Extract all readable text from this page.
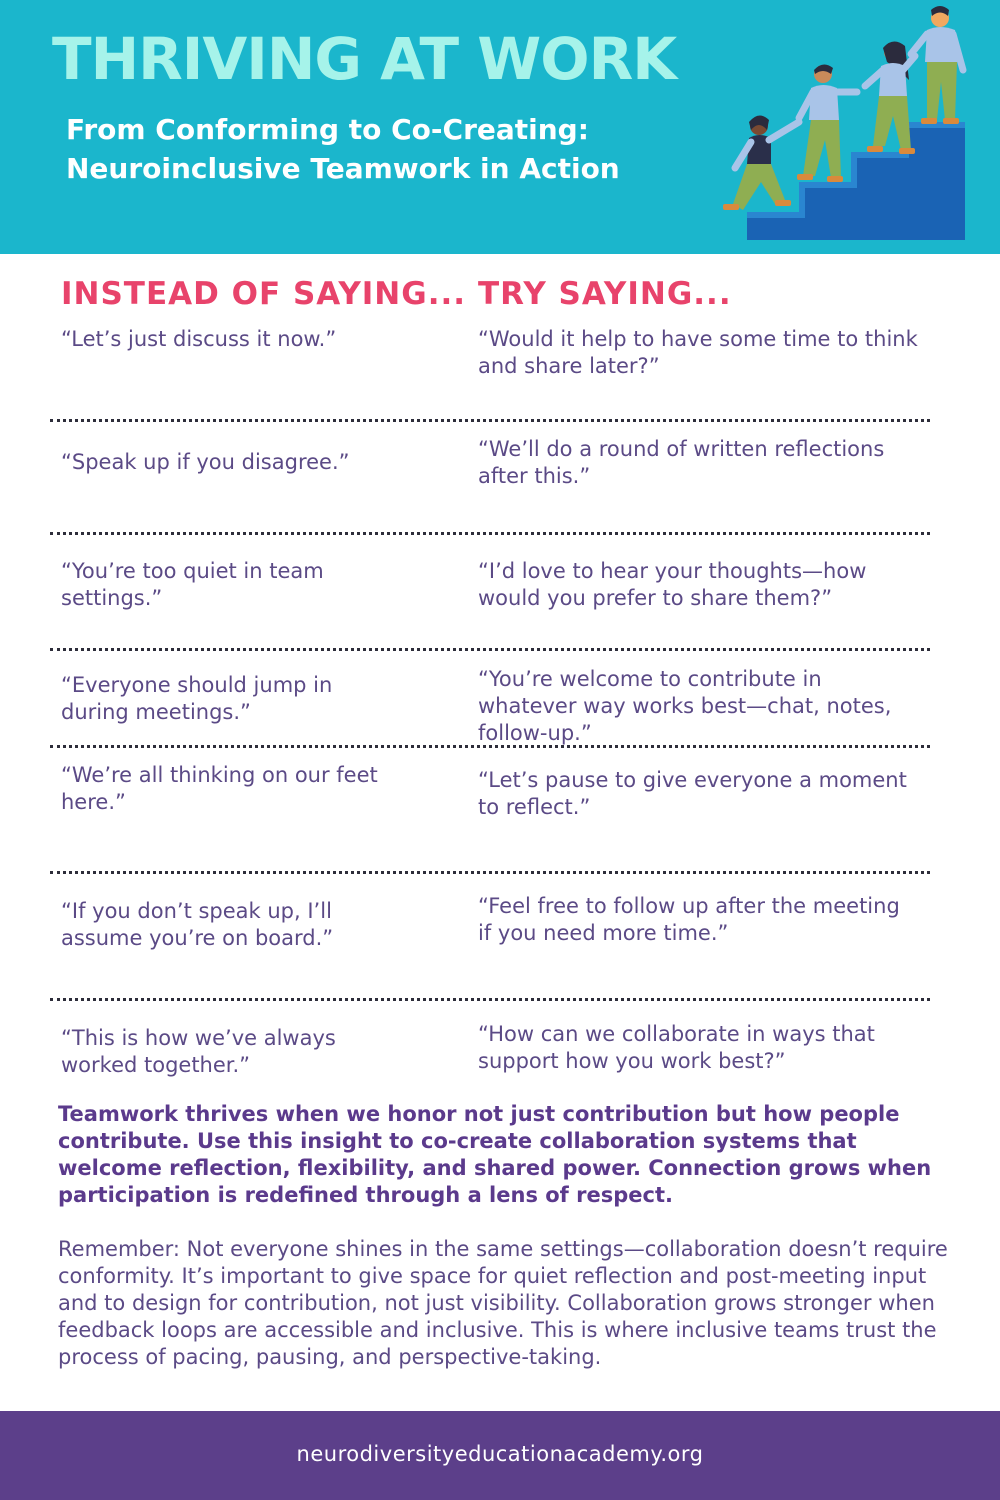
THRIVING AT WORK
From Conforming to Co-Creating:
Neuroinclusive Teamwork in Action
INSTEAD OF SAYING... TRY SAYING...

“Let’s just discuss it now.”	“Would it help to have some time to think and share later?”

“Speak up if you disagree.”

“We’ll do a round of written reflections after this.”

“You’re too quiet in team settings.”

“I’d love to hear your thoughts—how would you prefer to share them?”

“Everyone should jump in during meetings.”

“You’re welcome to contribute in whatever way works best—chat, notes, follow-up.”

“We’re all thinking on our feet here.”

“Let’s pause to give everyone a moment to reflect.”

“If you don’t speak up, I’ll assume you’re on board.”

“Feel free to follow up after the meeting if you need more time.”

“This is how we’ve always worked together.”

“How can we collaborate in ways that support how you work best?”

Teamwork thrives when we honor not just contribution but how people contribute. Use this insight to co-create collaboration systems that welcome reflection, flexibility, and shared power. Connection grows when participation is redefined through a lens of respect.

Remember: Not everyone shines in the same settings—collaboration doesn’t require conformity. It’s important to give space for quiet reflection and post-meeting input and to design for contribution, not just visibility. Collaboration grows stronger when feedback loops are accessible and inclusive. This is where inclusive teams trust the process of pacing, pausing, and perspective-taking.

neurodiversityeducationacademy.org
